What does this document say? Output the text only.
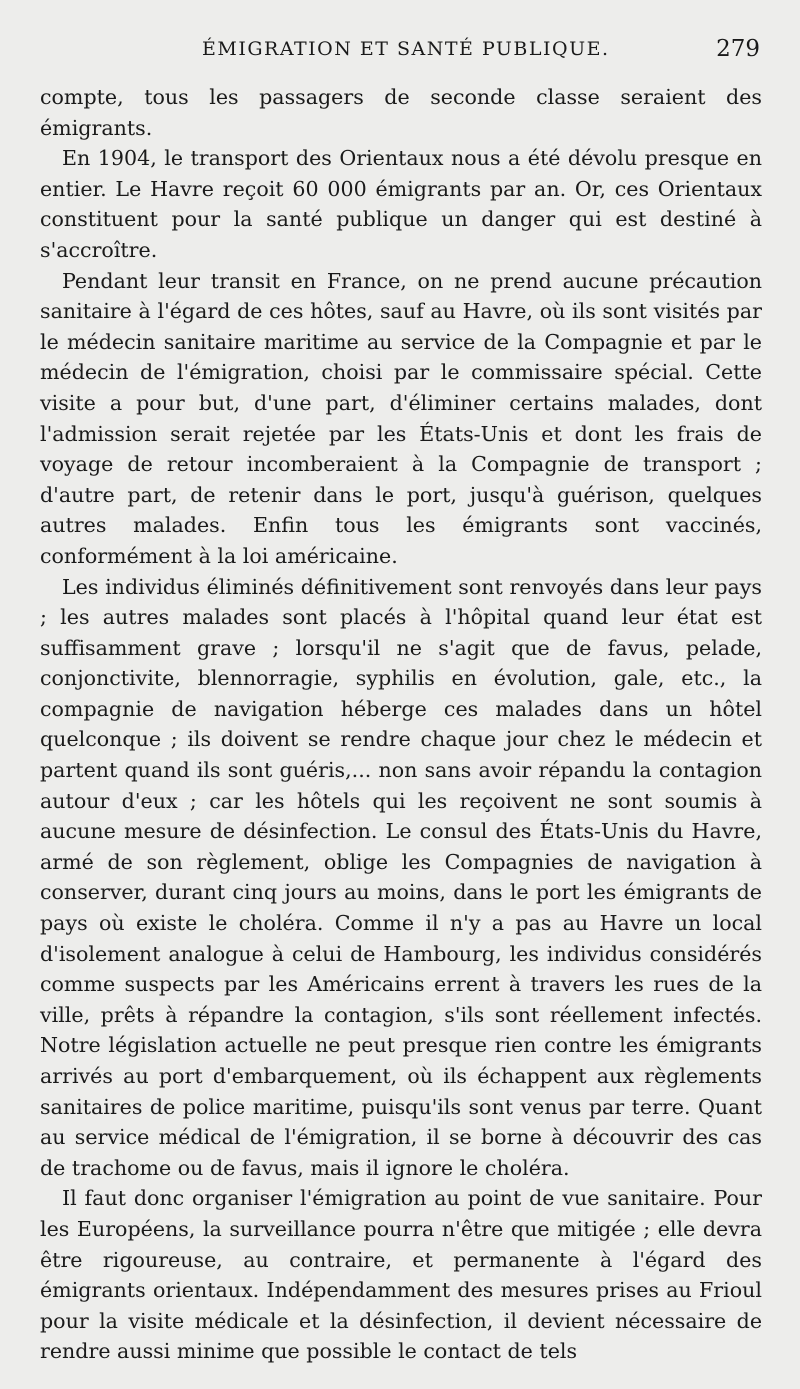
ÉMIGRATION ET SANTÉ PUBLIQUE.	279

compte, tous les passagers de seconde classe seraient des émigrants.

En 1904, le transport des Orientaux nous a été dévolu presque en entier. Le Havre reçoit 60 000 émigrants par an. Or, ces Orientaux constituent pour la santé publique un danger qui est destiné à s'accroître.

Pendant leur transit en France, on ne prend aucune précaution sanitaire à l'égard de ces hôtes, sauf au Havre, où ils sont visités par le médecin sanitaire maritime au service de la Compagnie et par le médecin de l'émigration, choisi par le commissaire spécial. Cette visite a pour but, d'une part, d'éliminer certains malades, dont l'admission serait rejetée par les États-Unis et dont les frais de voyage de retour incomberaient à la Compagnie de transport ; d'autre part, de retenir dans le port, jusqu'à guérison, quelques autres malades. Enfin tous les émigrants sont vaccinés, conformément à la loi américaine.

Les individus éliminés définitivement sont renvoyés dans leur pays ; les autres malades sont placés à l'hôpital quand leur état est suffisamment grave ; lorsqu'il ne s'agit que de favus, pelade, conjonctivite, blennorragie, syphilis en évolution, gale, etc., la compagnie de navigation héberge ces malades dans un hôtel quelconque ; ils doivent se rendre chaque jour chez le médecin et partent quand ils sont guéris,... non sans avoir répandu la contagion autour d'eux ; car les hôtels qui les reçoivent ne sont soumis à aucune mesure de désinfection. Le consul des États-Unis du Havre, armé de son règlement, oblige les Compagnies de navigation à conserver, durant cinq jours au moins, dans le port les émigrants de pays où existe le choléra. Comme il n'y a pas au Havre un local d'isolement analogue à celui de Hambourg, les individus considérés comme suspects par les Américains errent à travers les rues de la ville, prêts à répandre la contagion, s'ils sont réellement infectés. Notre législation actuelle ne peut presque rien contre les émigrants arrivés au port d'embarquement, où ils échappent aux règlements sanitaires de police maritime, puisqu'ils sont venus par terre. Quant au service médical de l'émigration, il se borne à découvrir des cas de trachome ou de favus, mais il ignore le choléra.

Il faut donc organiser l'émigration au point de vue sanitaire. Pour les Européens, la surveillance pourra n'être que mitigée ; elle devra être rigoureuse, au contraire, et permanente à l'égard des émigrants orientaux. Indépendamment des mesures prises au Frioul pour la visite médicale et la désinfection, il devient nécessaire de rendre aussi minime que possible le contact de tels
